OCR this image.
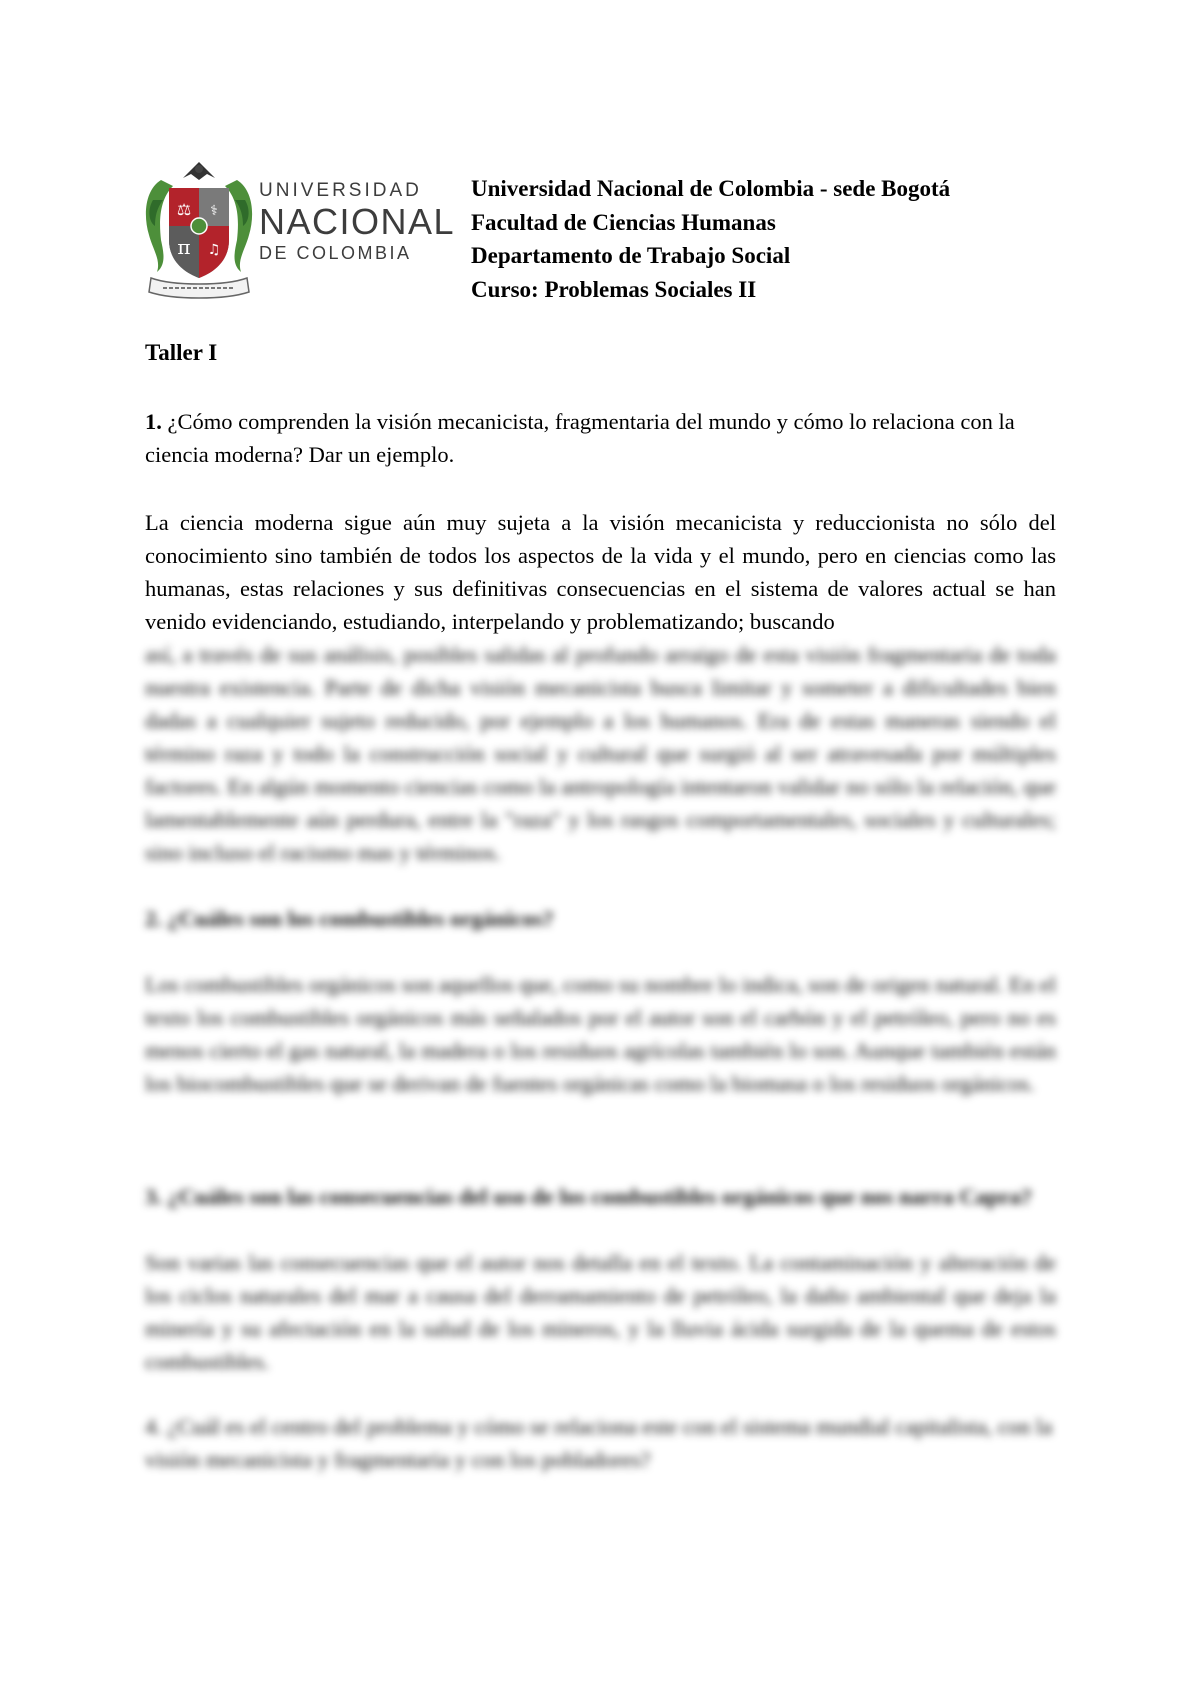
⚖ ⚕
π ♫
UNIVERSIDAD
NACIONAL
DE COLOMBIA
Universidad Nacional de Colombia - sede Bogotá
Facultad de Ciencias Humanas
Departamento de Trabajo Social
Curso: Problemas Sociales II
Taller I
1. ¿Cómo comprenden la visión mecanicista, fragmentaria del mundo y cómo lo relaciona con la ciencia moderna? Dar un ejemplo.
La ciencia moderna sigue aún muy sujeta a la visión mecanicista y reduccionista no sólo del conocimiento sino también de todos los aspectos de la vida y el mundo, pero en ciencias como las humanas, estas relaciones y sus definitivas consecuencias en el sistema de valores actual se han venido evidenciando, estudiando, interpelando y problematizando; buscando
así, a través de sus análisis, posibles salidas al profundo arraigo de esta visión fragmentaria de toda nuestra existencia. Parte de dicha visión mecanicista busca limitar y someter a dificultades bien dadas a cualquier sujeto reducido, por ejemplo a los humanos. Era de estas maneras siendo el término raza y todo la construcción social y cultural que surgió al ser atravesada por múltiples factores. En algún momento ciencias como la antropología intentaron validar no sólo la relación, que lamentablemente aún perdura, entre la "raza" y los rasgos comportamentales, sociales y culturales; sino incluso el racismo mas y términos.
2. ¿Cuáles son los combustibles orgánicos?
Los combustibles orgánicos son aquellos que, como su nombre lo indica, son de origen natural. En el texto los combustibles orgánicos más señalados por el autor son el carbón y el petróleo, pero no es menos cierto el gas natural, la madera o los residuos agrícolas también lo son. Aunque también están los biocombustibles que se derivan de fuentes orgánicas como la biomasa o los residuos orgánicos.
3. ¿Cuáles son las consecuencias del uso de los combustibles orgánicos que nos narra Capra?
Son varias las consecuencias que el autor nos detalla en el texto. La contaminación y alteración de los ciclos naturales del mar a causa del derramamiento de petróleo, la daño ambiental que deja la minería y su afectación en la salud de los mineros, y la lluvia ácida surgida de la quema de estos combustibles.
4. ¿Cuál es el centro del problema y cómo se relaciona este con el sistema mundial capitalista, con la visión mecanicista y fragmentaria y con los pobladores?
